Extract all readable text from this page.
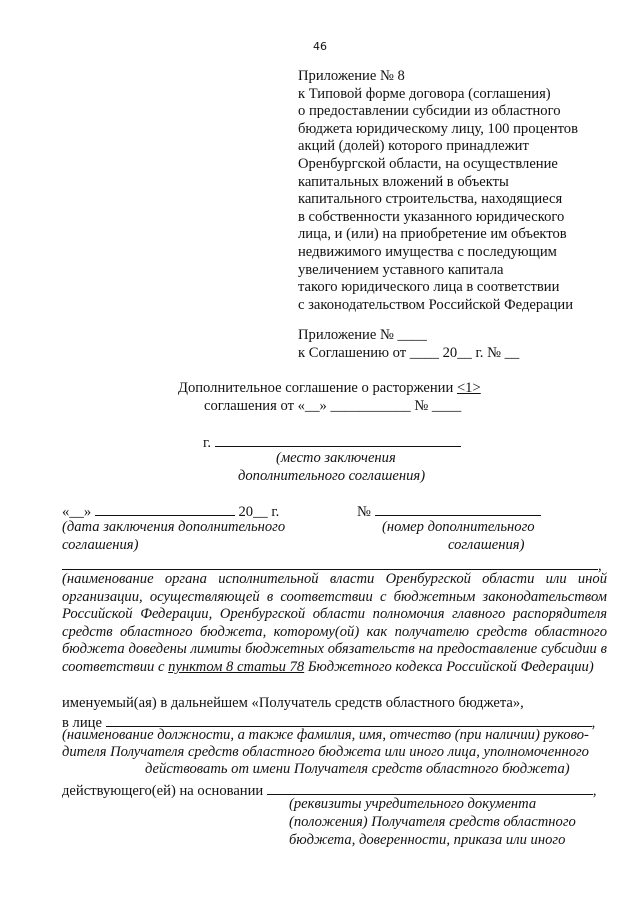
46
Приложение № 8
к Типовой форме договора (соглашения)
о предоставлении субсидии из областного
бюджета юридическому лицу, 100 процентов
акций (долей) которого принадлежит
Оренбургской области, на осуществление
капитальных вложений в объекты
капитального строительства, находящиеся
в собственности указанного юридического
лица, и (или) на приобретение им объектов
недвижимого имущества с последующим
увеличением уставного капитала
такого юридического лица в соответствии
с законодательством Российской Федерации
Приложение № ____
к Соглашению от ____ 20__ г. № __
Дополнительное соглашение о расторжении <1>
соглашения от «__» ___________ № ____
г.
(место заключения
дополнительного соглашения)
«__»	20__ г.
(дата заключения дополнительного
соглашения)
№
(номер дополнительного
соглашения)
,
(наименование органа исполнительной власти Оренбургской области или иной организации, осуществляющей в соответствии с бюджетным законодательством Российской Федерации, Оренбургской области полномочия главного распорядителя средств областного бюджета, которому(ой) как получателю средств областного бюджета доведены лимиты бюджетных обязательств на предоставление субсидии в соответствии с пунктом 8 статьи 78 Бюджетного кодекса Российской Федерации)
именуемый(ая) в дальнейшем «Получатель средств областного бюджета»,
в лице	,
(наименование должности, а также фамилия, имя, отчество (при наличии) руково-
дителя Получателя средств областного бюджета или иного лица, уполномоченного
действовать от имени Получателя средств областного бюджета)
действующего(ей) на основании	,
(реквизиты учредительного документа
(положения) Получателя средств областного
бюджета, доверенности, приказа или иного
